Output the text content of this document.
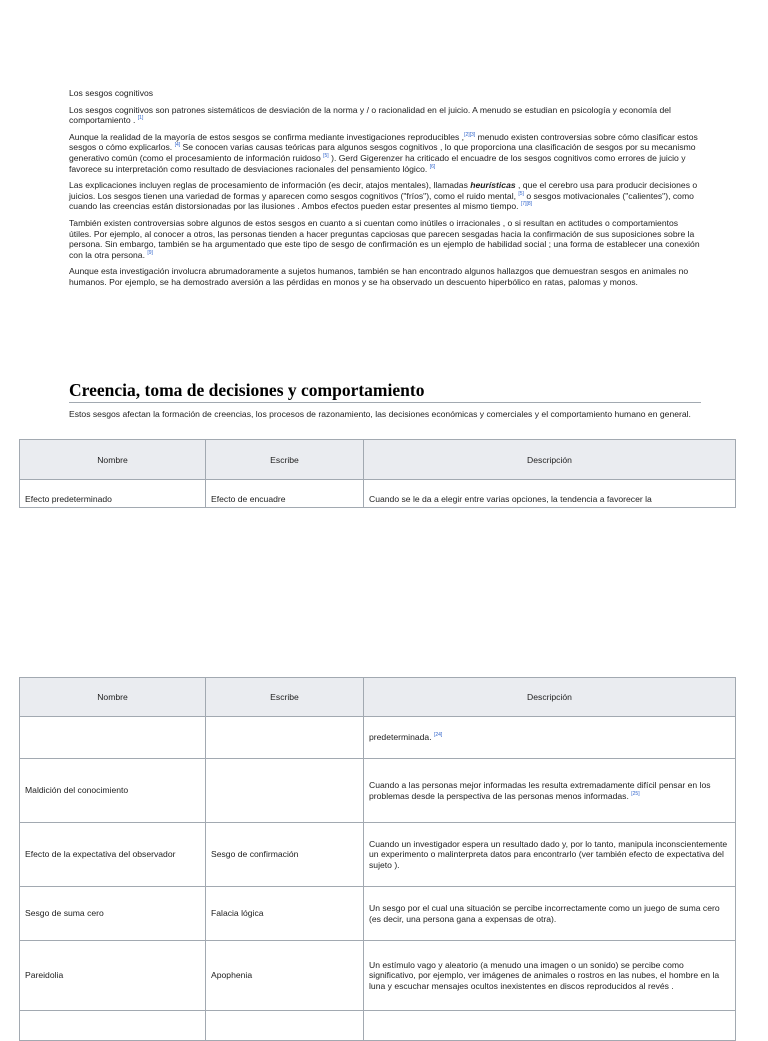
Los sesgos cognitivos

Los sesgos cognitivos son patrones sistemáticos de desviación de la norma y / o racionalidad en el juicio. A menudo se estudian en psicología y economía del comportamiento . [1]

Aunque la realidad de la mayoría de estos sesgos se confirma mediante investigaciones reproducibles ,[2][3] menudo existen controversias sobre cómo clasificar estos sesgos o cómo explicarlos. [4] Se conocen varias causas teóricas para algunos sesgos cognitivos , lo que proporciona una clasificación de sesgos por su mecanismo generativo común (como el procesamiento de información ruidoso [5] ). Gerd Gigerenzer ha criticado el encuadre de los sesgos cognitivos como errores de juicio y favorece su interpretación como resultado de desviaciones racionales del pensamiento lógico. [6]

Las explicaciones incluyen reglas de procesamiento de información (es decir, atajos mentales), llamadas heurísticas , que el cerebro usa para producir decisiones o juicios. Los sesgos tienen una variedad de formas y aparecen como sesgos cognitivos ("fríos"), como el ruido mental, [5] o sesgos motivacionales ("calientes"), como cuando las creencias están distorsionadas por las ilusiones . Ambos efectos pueden estar presentes al mismo tiempo. [7][8]

También existen controversias sobre algunos de estos sesgos en cuanto a si cuentan como inútiles o irracionales , o si resultan en actitudes o comportamientos útiles. Por ejemplo, al conocer a otros, las personas tienden a hacer preguntas capciosas que parecen sesgadas hacia la confirmación de sus suposiciones sobre la persona. Sin embargo, también se ha argumentado que este tipo de sesgo de confirmación es un ejemplo de habilidad social ; una forma de establecer una conexión con la otra persona. [9]

Aunque esta investigación involucra abrumadoramente a sujetos humanos, también se han encontrado algunos hallazgos que demuestran sesgos en animales no humanos. Por ejemplo, se ha demostrado aversión a las pérdidas en monos y se ha observado un descuento hiperbólico en ratas, palomas y monos.

Creencia, toma de decisiones y comportamiento

Estos sesgos afectan la formación de creencias, los procesos de razonamiento, las decisiones económicas y comerciales y el comportamiento humano en general.

Nombre	Escribe	Descripción
Efecto predeterminado	Efecto de encuadre	Cuando se le da a elegir entre varias opciones, la tendencia a favorecer la
Nombre	Escribe	Descripción
		predeterminada. [24]
Maldición del conocimiento		Cuando a las personas mejor informadas les resulta extremadamente difícil pensar en los problemas desde la perspectiva de las personas menos informadas. [25]
Efecto de la expectativa del observador	Sesgo de confirmación	Cuando un investigador espera un resultado dado y, por lo tanto, manipula inconscientemente un experimento o malinterpreta datos para encontrarlo (ver también efecto de expectativa del sujeto ).
Sesgo de suma cero	Falacia lógica	Un sesgo por el cual una situación se percibe incorrectamente como un juego de suma cero (es decir, una persona gana a expensas de otra).
Pareidolia	Apophenia	Un estímulo vago y aleatorio (a menudo una imagen o un sonido) se percibe como significativo, por ejemplo, ver imágenes de animales o rostros en las nubes, el hombre en la luna y escuchar mensajes ocultos inexistentes en discos reproducidos al revés .
